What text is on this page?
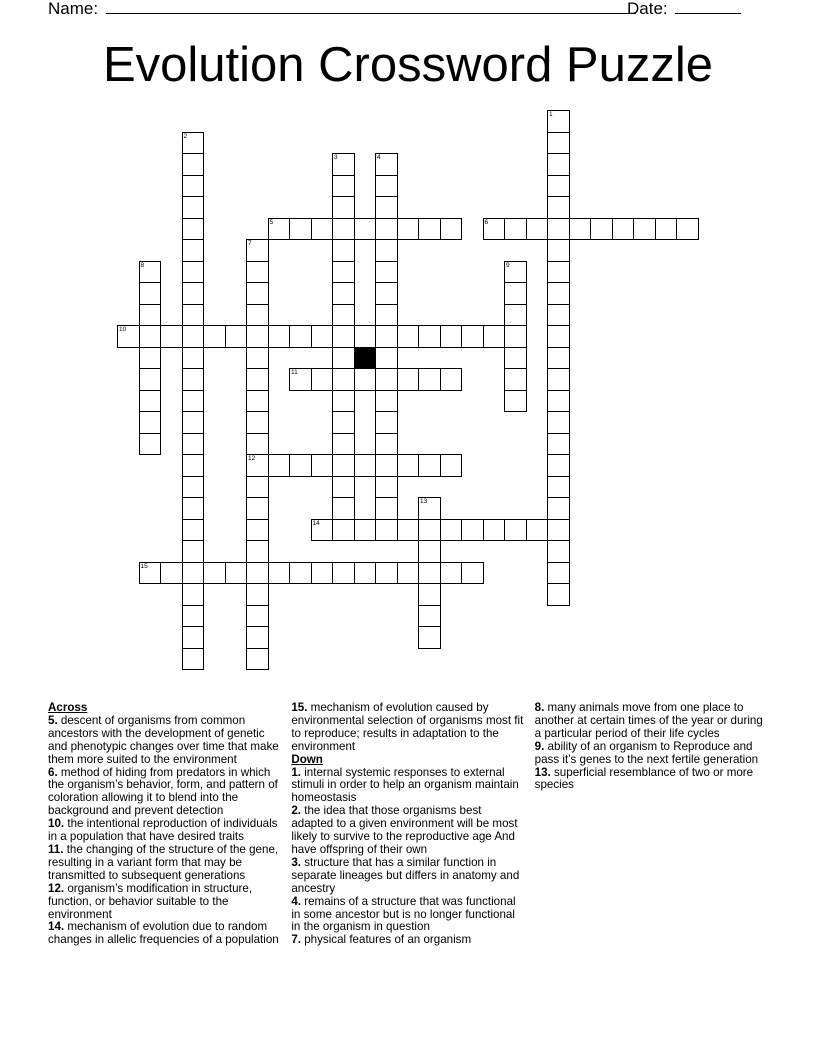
Name:	Date:
Evolution Crossword Puzzle
1
2
3	4
5	6
7
12
8	9
10
11
13
14
15

Across

5. descent of organisms from common ancestors with the development of genetic and phenotypic changes over time that make them more suited to the environment

6. method of hiding from predators in which the organism’s behavior, form, and pattern of coloration allowing it to blend into the background and prevent detection

10. the intentional reproduction of individuals in a population that have desired traits

11. the changing of the structure of the gene, resulting in a variant form that may be transmitted to subsequent generations

12. organism’s modification in structure, function, or behavior suitable to the environment

14. mechanism of evolution due to random changes in allelic frequencies of a population

15. mechanism of evolution caused by environmental selection of organisms most fit to reproduce; results in adaptation to the environment

Down

1. internal systemic responses to external stimuli in order to help an organism maintain homeostasis

2. the idea that those organisms best adapted to a given environment will be most likely to survive to the reproductive age And have offspring of their own

3. structure that has a similar function in separate lineages but differs in anatomy and ancestry

4. remains of a structure that was functional in some ancestor but is no longer functional in the organism in question

7. physical features of an organism

8. many animals move from one place to another at certain times of the year or during a particular period of their life cycles

9. ability of an organism to Reproduce and pass it’s genes to the next fertile generation

13. superficial resemblance of two or more species
